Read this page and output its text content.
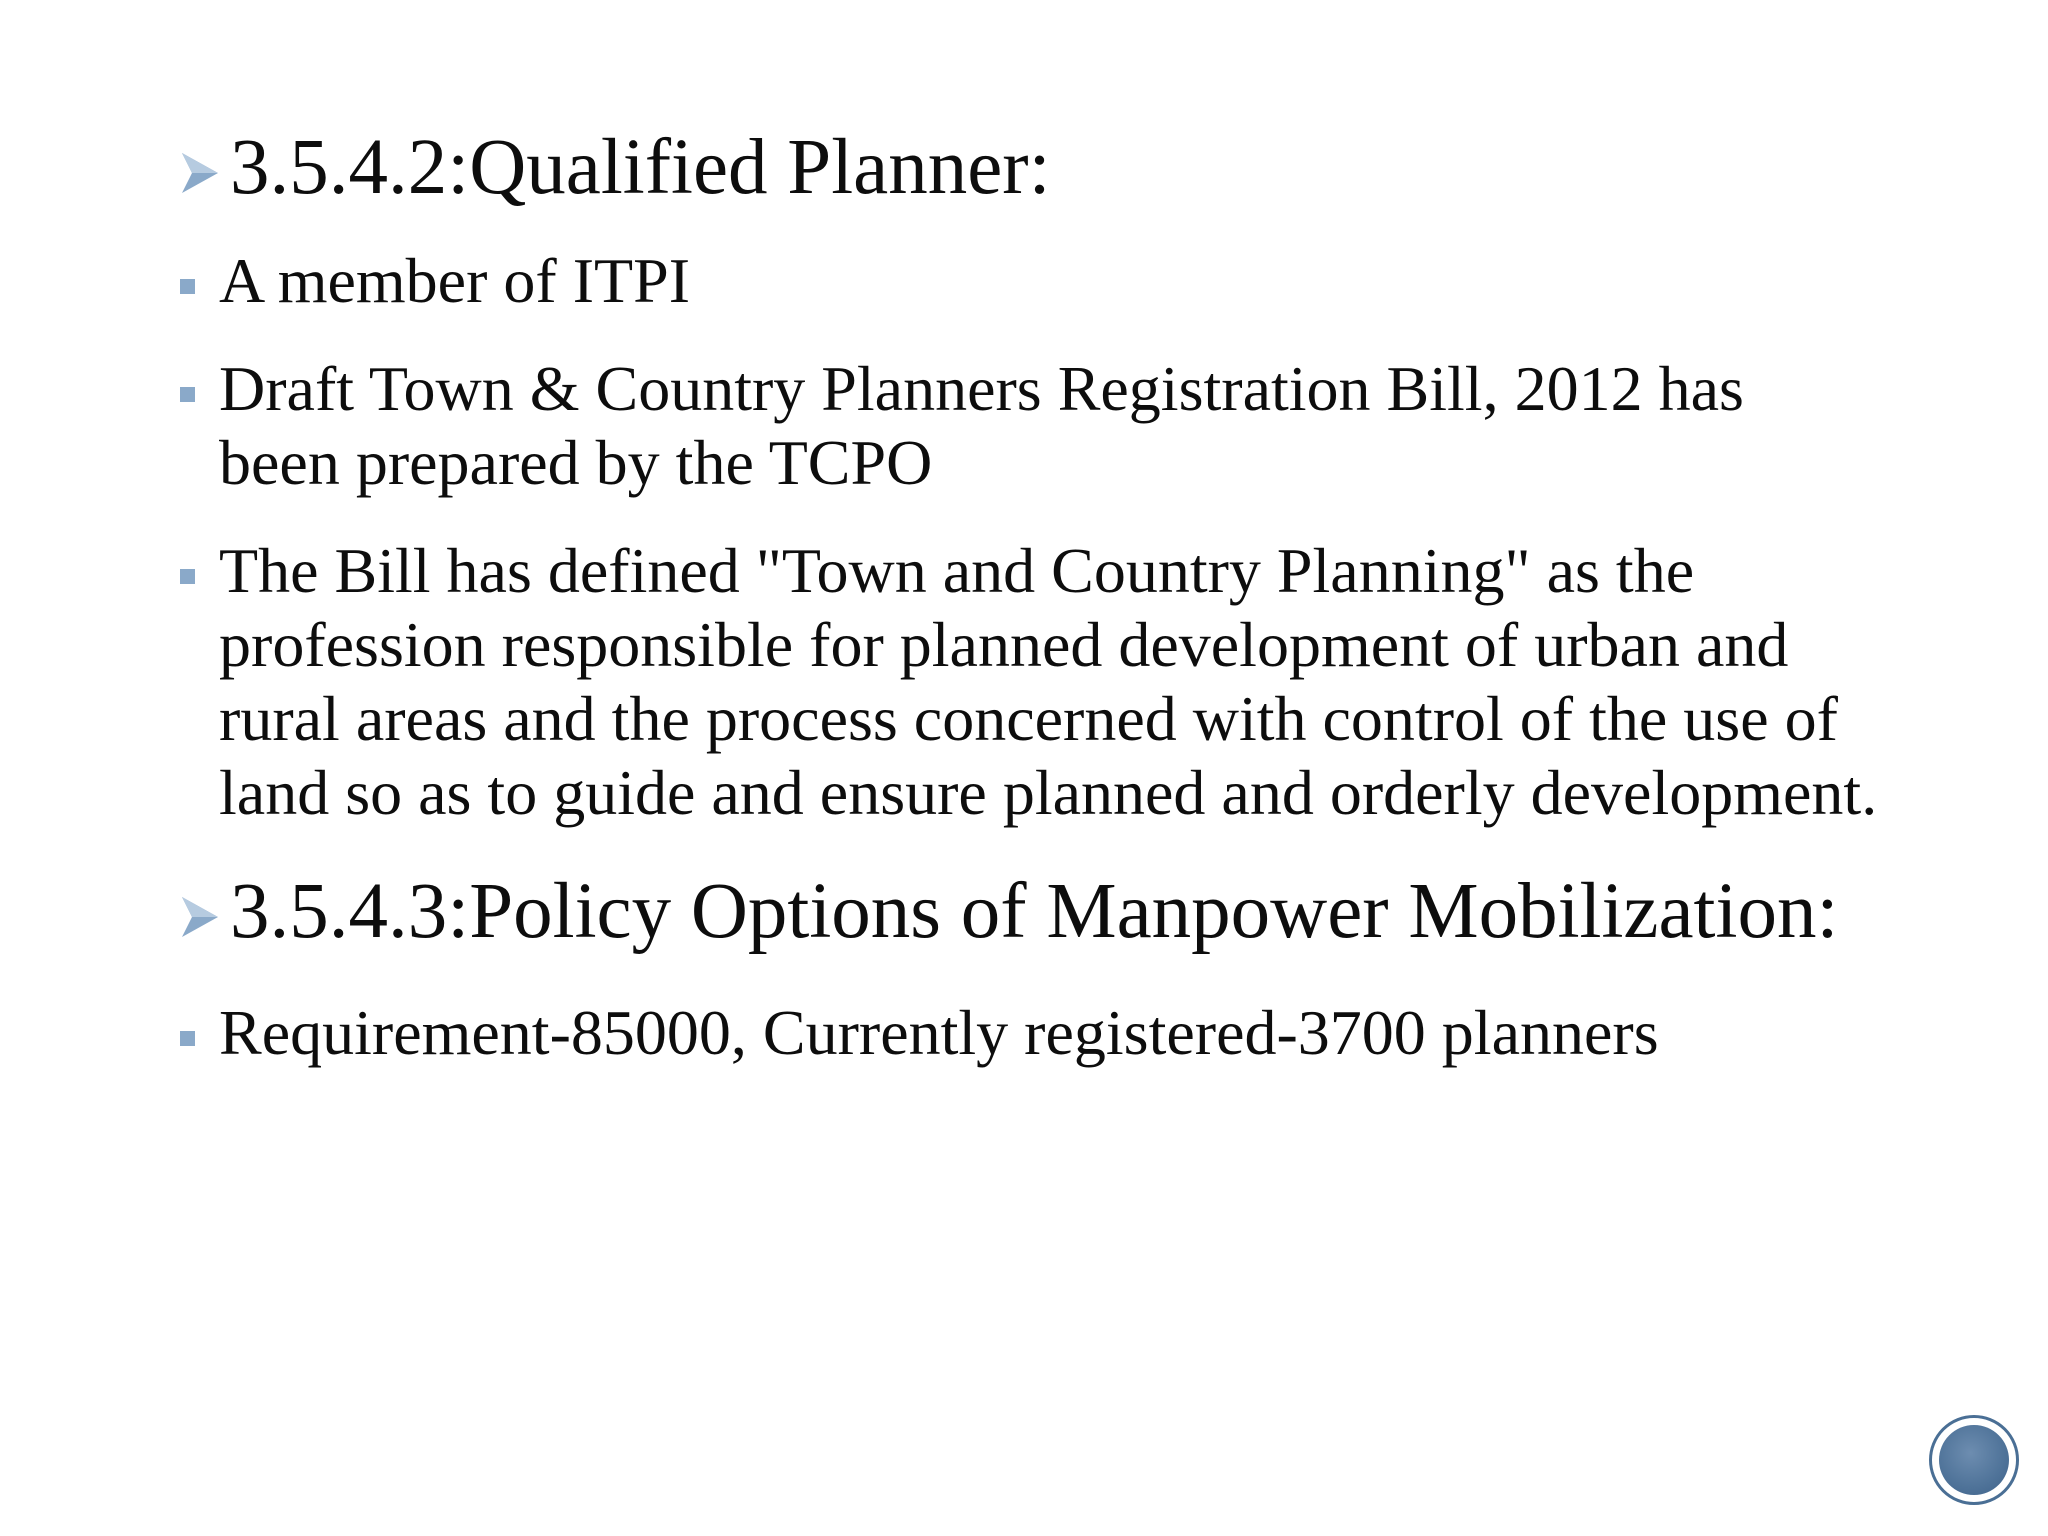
3.5.4.2:Qualified Planner:
A member of ITPI
Draft Town & Country Planners Registration Bill, 2012 has been prepared by the TCPO
The Bill has defined "Town and Country Planning" as the profession responsible for planned development of urban and rural areas and the process concerned with control of the use of land so as to guide and ensure planned and orderly development.
3.5.4.3:Policy Options of Manpower Mobilization:
Requirement-85000, Currently registered-3700 planners
